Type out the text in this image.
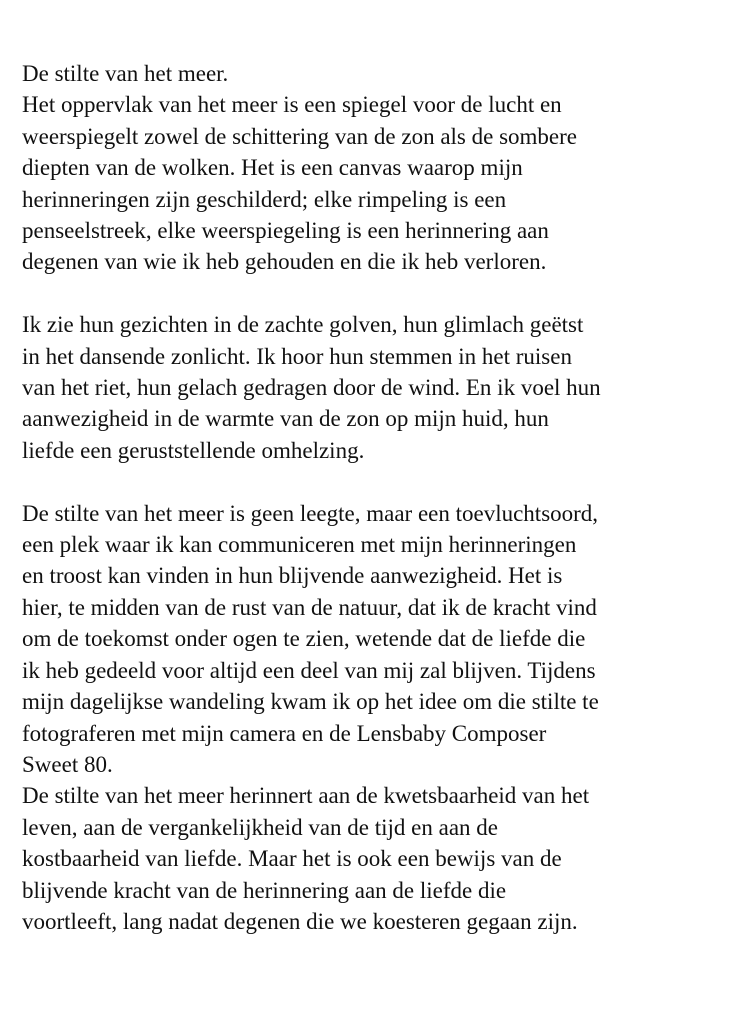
De stilte van het meer.
Het oppervlak van het meer is een spiegel voor de lucht en
weerspiegelt zowel de schittering van de zon als de sombere
diepten van de wolken. Het is een canvas waarop mijn
herinneringen zijn geschilderd; elke rimpeling is een
penseelstreek, elke weerspiegeling is een herinnering aan
degenen van wie ik heb gehouden en die ik heb verloren.
Ik zie hun gezichten in de zachte golven, hun glimlach geëtst
in het dansende zonlicht. Ik hoor hun stemmen in het ruisen
van het riet, hun gelach gedragen door de wind. En ik voel hun
aanwezigheid in de warmte van de zon op mijn huid, hun
liefde een geruststellende omhelzing.
De stilte van het meer is geen leegte, maar een toevluchtsoord,
een plek waar ik kan communiceren met mijn herinneringen
en troost kan vinden in hun blijvende aanwezigheid. Het is
hier, te midden van de rust van de natuur, dat ik de kracht vind
om de toekomst onder ogen te zien, wetende dat de liefde die
ik heb gedeeld voor altijd een deel van mij zal blijven. Tijdens
mijn dagelijkse wandeling kwam ik op het idee om die stilte te
fotograferen met mijn camera en de Lensbaby Composer
Sweet 80.
De stilte van het meer herinnert aan de kwetsbaarheid van het
leven, aan de vergankelijkheid van de tijd en aan de
kostbaarheid van liefde. Maar het is ook een bewijs van de
blijvende kracht van de herinnering aan de liefde die
voortleeft, lang nadat degenen die we koesteren gegaan zijn.
